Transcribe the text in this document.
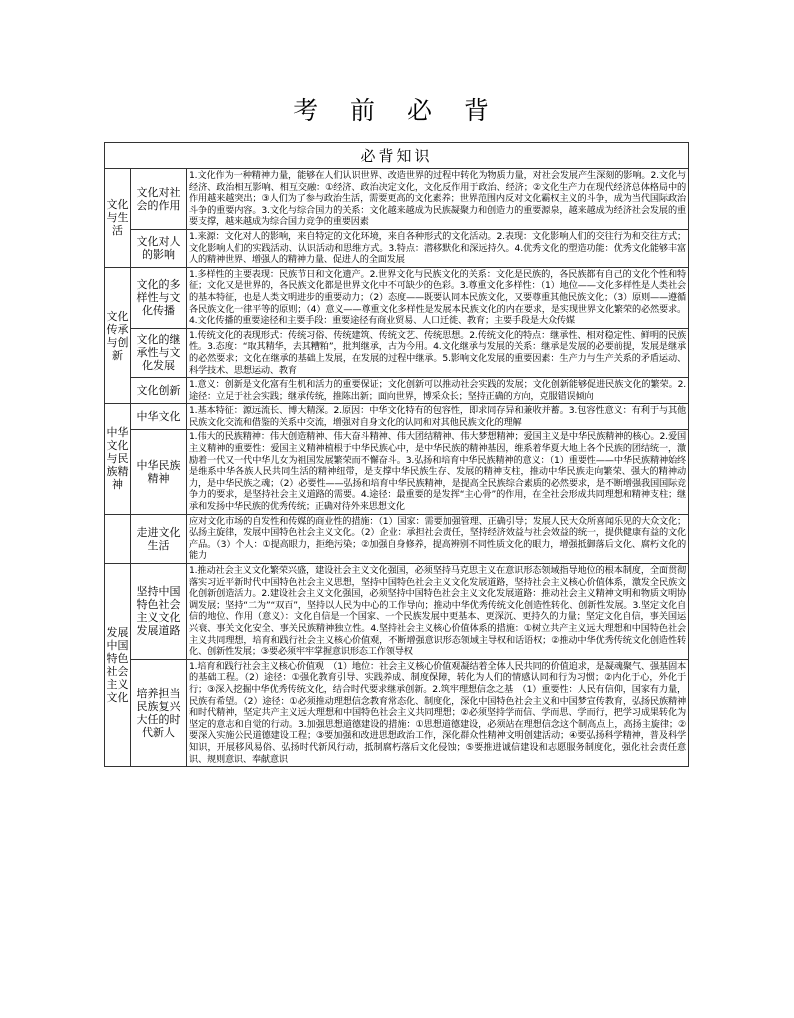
考 前 必 背
必背知识		
文化与生活	文化对社会的作用	1.文化作为一种精神力量，能够在人们认识世界、改造世界的过程中转化为物质力量，对社会发展产生深刻的影响。2.文化与经济、政治相互影响、相互交融：①经济、政治决定文化，文化反作用于政治、经济；②文化生产力在现代经济总体格局中的作用越来越突出；③人们为了参与政治生活，需要更高的文化素养；世界范围内反对文化霸权主义的斗争，成为当代国际政治斗争的重要内容。3.文化与综合国力的关系：文化越来越成为民族凝聚力和创造力的重要源泉，越来越成为经济社会发展的重要支撑，越来越成为综合国力竞争的重要因素
	文化对人的影响	1.来源：文化对人的影响，来自特定的文化环境，来自各种形式的文化活动。2.表现：文化影响人们的交往行为和交往方式；文化影响人们的实践活动、认识活动和思维方式。3.特点：潜移默化和深远持久。4.优秀文化的塑造功能：优秀文化能够丰富人的精神世界、增强人的精神力量、促进人的全面发展
文化传承与创新	文化的多样性与文化传播	1.多样性的主要表现：民族节日和文化遗产。2.世界文化与民族文化的关系：文化是民族的，各民族都有自己的文化个性和特征；文化又是世界的，各民族文化都是世界文化中不可缺少的色彩。3.尊重文化多样性：（1）地位——文化多样性是人类社会的基本特征，也是人类文明进步的重要动力；（2）态度——既要认同本民族文化，又要尊重其他民族文化；（3）原则——遵循各民族文化一律平等的原则；（4）意义——尊重文化多样性是发展本民族文化的内在要求，是实现世界文化繁荣的必然要求。4.文化传播的重要途径和主要手段：重要途径有商业贸易、人口迁徙、教育；主要手段是大众传媒
	文化的继承性与文化发展	1.传统文化的表现形式：传统习俗、传统建筑、传统文艺、传统思想。2.传统文化的特点：继承性、相对稳定性、鲜明的民族性。3.态度：“取其精华，去其糟粕”，批判继承，古为今用。4.文化继承与发展的关系：继承是发展的必要前提，发展是继承的必然要求；文化在继承的基础上发展，在发展的过程中继承。5.影响文化发展的重要因素：生产力与生产关系的矛盾运动、科学技术、思想运动、教育
	文化创新	1.意义：创新是文化富有生机和活力的重要保证；文化创新可以推动社会实践的发展；文化创新能够促进民族文化的繁荣。2.途径：立足于社会实践；继承传统，推陈出新；面向世界，博采众长；坚持正确的方向，克服错误倾向
中华文化与民族精神	中华文化	1.基本特征：源远流长、博大精深。2.原因：中华文化特有的包容性，即求同存异和兼收并蓄。3.包容性意义：有利于与其他民族文化交流和借鉴的关系中交流，增强对自身文化的认同和对其他民族文化的理解
	中华民族精神	1.伟大的民族精神：伟大创造精神、伟大奋斗精神、伟大团结精神、伟大梦想精神；爱国主义是中华民族精神的核心。2.爱国主义精神的重要性：爱国主义精神植根于中华民族心中，是中华民族的精神基因，维系着华夏大地上各个民族的团结统一，激励着一代又一代中华儿女为祖国发展繁荣而不懈奋斗。3.弘扬和培育中华民族精神的意义：（1）重要性——中华民族精神始终是维系中华各族人民共同生活的精神纽带，是支撑中华民族生存、发展的精神支柱，推动中华民族走向繁荣、强大的精神动力，是中华民族之魂；（2）必要性——弘扬和培育中华民族精神，是提高全民族综合素质的必然要求，是不断增强我国国际竞争力的要求，是坚持社会主义道路的需要。4.途径：最重要的是发挥“主心骨”的作用，在全社会形成共同理想和精神支柱；继承和发扬中华民族的优秀传统；正确对待外来思想文化
	走进文化生活	应对文化市场的自发性和传媒的商业性的措施：（1）国家：需要加强管理、正确引导；发展人民大众所喜闻乐见的大众文化；弘扬主旋律，发展中国特色社会主义文化。（2）企业：承担社会责任，坚持经济效益与社会效益的统一，提供健康有益的文化产品。（3）个人：①提高眼力，拒绝污染；②加强自身修养，提高辨别不同性质文化的眼力，增强抵御落后文化、腐朽文化的能力
发展中国特色社会主义文化	坚持中国特色社会主义文化发展道路	1.推动社会主义文化繁荣兴盛，建设社会主义文化强国，必须坚持马克思主义在意识形态领域指导地位的根本制度，全面贯彻落实习近平新时代中国特色社会主义思想，坚持中国特色社会主义文化发展道路，坚持社会主义核心价值体系，激发全民族文化创新创造活力。2.建设社会主义文化强国，必须坚持中国特色社会主义文化发展道路：推动社会主义精神文明和物质文明协调发展；坚持“二为”“双百”，坚持以人民为中心的工作导向；推动中华优秀传统文化创造性转化、创新性发展。3.坚定文化自信的地位、作用（意义）：文化自信是一个国家、一个民族发展中更基本、更深沉、更持久的力量；坚定文化自信，事关国运兴衰、事关文化安全、事关民族精神独立性。4.坚持社会主义核心价值体系的措施：①树立共产主义远大理想和中国特色社会主义共同理想，培育和践行社会主义核心价值观，不断增强意识形态领域主导权和话语权；②推动中华优秀传统文化创造性转化、创新性发展；③要必须牢牢掌握意识形态工作领导权
	培养担当民族复兴大任的时代新人	1.培育和践行社会主义核心价值观　（1）地位：社会主义核心价值观凝结着全体人民共同的价值追求，是凝魂聚气、强基固本的基础工程。（2）途径：①强化教育引导、实践养成、制度保障，转化为人们的情感认同和行为习惯；②内化于心，外化于行；③深入挖掘中华优秀传统文化，结合时代要求继承创新。2.筑牢理想信念之基　（1）重要性：人民有信仰，国家有力量，民族有希望。（2）途径：①必须推动理想信念教育常态化、制度化，深化中国特色社会主义和中国梦宣传教育，弘扬民族精神和时代精神，坚定共产主义远大理想和中国特色社会主义共同理想；②必须坚持学而信、学而思、学而行，把学习成果转化为坚定的意志和自觉的行动。3.加强思想道德建设的措施：①思想道德建设，必须站在理想信念这个制高点上，高扬主旋律；②要深入实施公民道德建设工程；③要加强和改进思想政治工作，深化群众性精神文明创建活动；④要弘扬科学精神，普及科学知识，开展移风易俗、弘扬时代新风行动，抵制腐朽落后文化侵蚀；⑤要推进诚信建设和志愿服务制度化，强化社会责任意识、规则意识、奉献意识
